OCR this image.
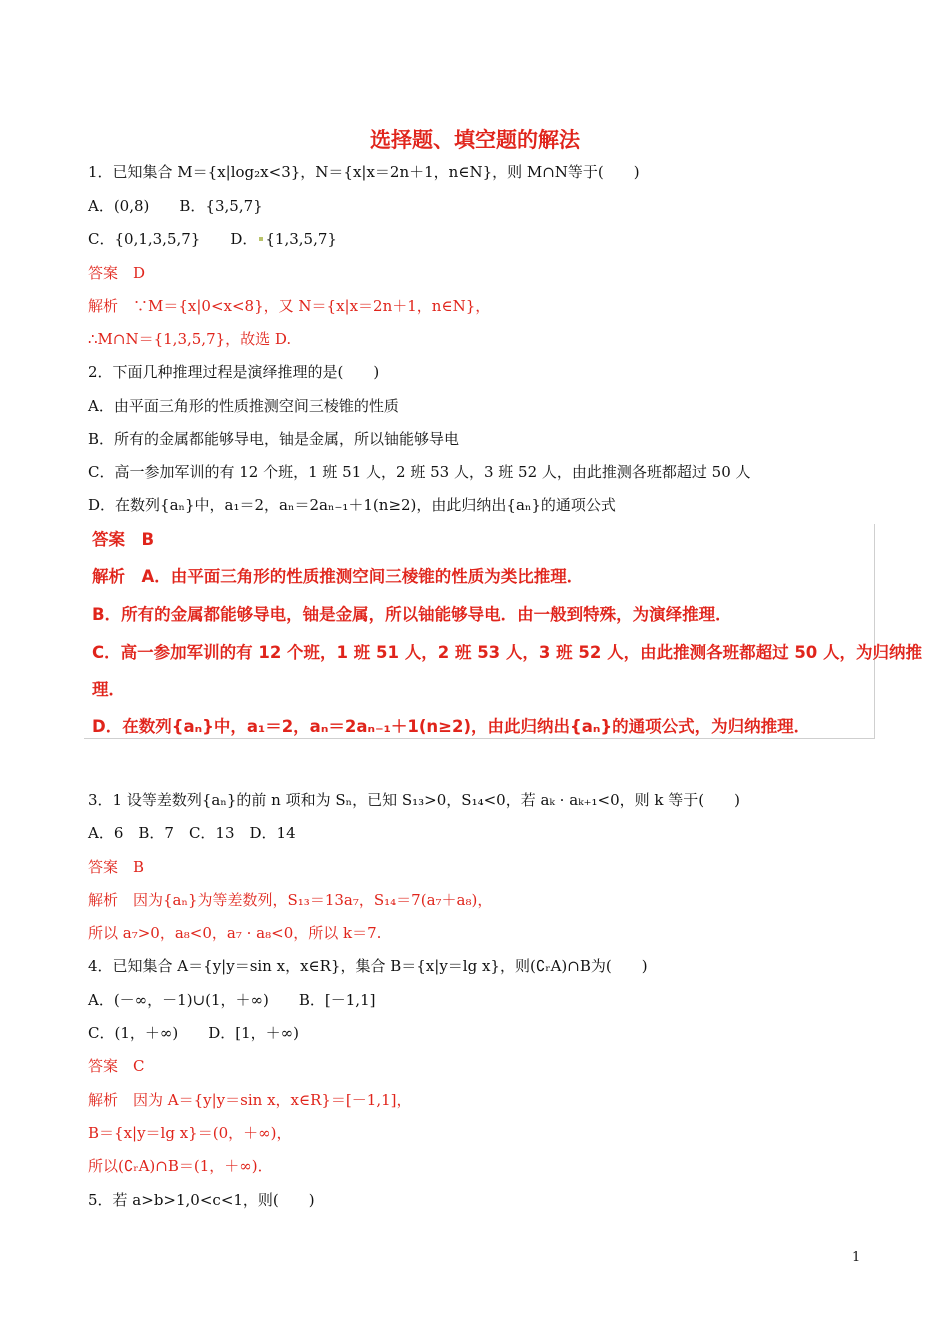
选择题、填空题的解法
1．已知集合 M＝{x|log₂x<3}，N＝{x|x＝2n＋1，n∈N}，则 M∩N等于(　　)
A．(0,8)　　B．{3,5,7}
C．{0,1,3,5,7}　　D． {1,3,5,7}
答案　D
解析　∵M＝{x|0<x<8}，又 N＝{x|x＝2n＋1，n∈N}，
∴M∩N＝{1,3,5,7}，故选 D.
2．下面几种推理过程是演绎推理的是(　　)
A．由平面三角形的性质推测空间三棱锥的性质
B．所有的金属都能够导电，铀是金属，所以铀能够导电
C．高一参加军训的有 12 个班，1 班 51 人，2 班 53 人，3 班 52 人，由此推测各班都超过 50 人
D．在数列{aₙ}中，a₁＝2，aₙ＝2aₙ₋₁＋1(n≥2)，由此归纳出{aₙ}的通项公式
3．1 设等差数列{aₙ}的前 n 项和为 Sₙ，已知 S₁₃>0，S₁₄<0，若 aₖ · aₖ₊₁<0，则 k 等于(　　)
A．6　B．7　C．13　D．14
答案　B
解析　因为{aₙ}为等差数列，S₁₃＝13a₇，S₁₄＝7(a₇＋a₈)，
所以 a₇>0，a₈<0，a₇ · a₈<0，所以 k＝7.
4．已知集合 A＝{y|y＝sin x，x∈R}，集合 B＝{x|y＝lg x}，则(∁ᵣA)∩B为(　　)
A．(－∞，－1)∪(1，＋∞)　　B．[－1,1]
C．(1，＋∞)　　D．[1，＋∞)
答案　C
解析　因为 A＝{y|y＝sin x，x∈R}＝[－1,1]，
B＝{x|y＝lg x}＝(0，＋∞)，
所以(∁ᵣA)∩B＝(1，＋∞)．
5．若 a>b>1,0<c<1，则(　　)
答案　B
解析　A．由平面三角形的性质推测空间三棱锥的性质为类比推理．
B．所有的金属都能够导电，铀是金属，所以铀能够导电．由一般到特殊，为演绎推理．
C．高一参加军训的有 12 个班，1 班 51 人，2 班 53 人，3 班 52 人，由此推测各班都超过 50 人，为归纳推
理．
D．在数列{aₙ}中，a₁＝2，aₙ＝2aₙ₋₁＋1(n≥2)，由此归纳出{aₙ}的通项公式，为归纳推理．
1
